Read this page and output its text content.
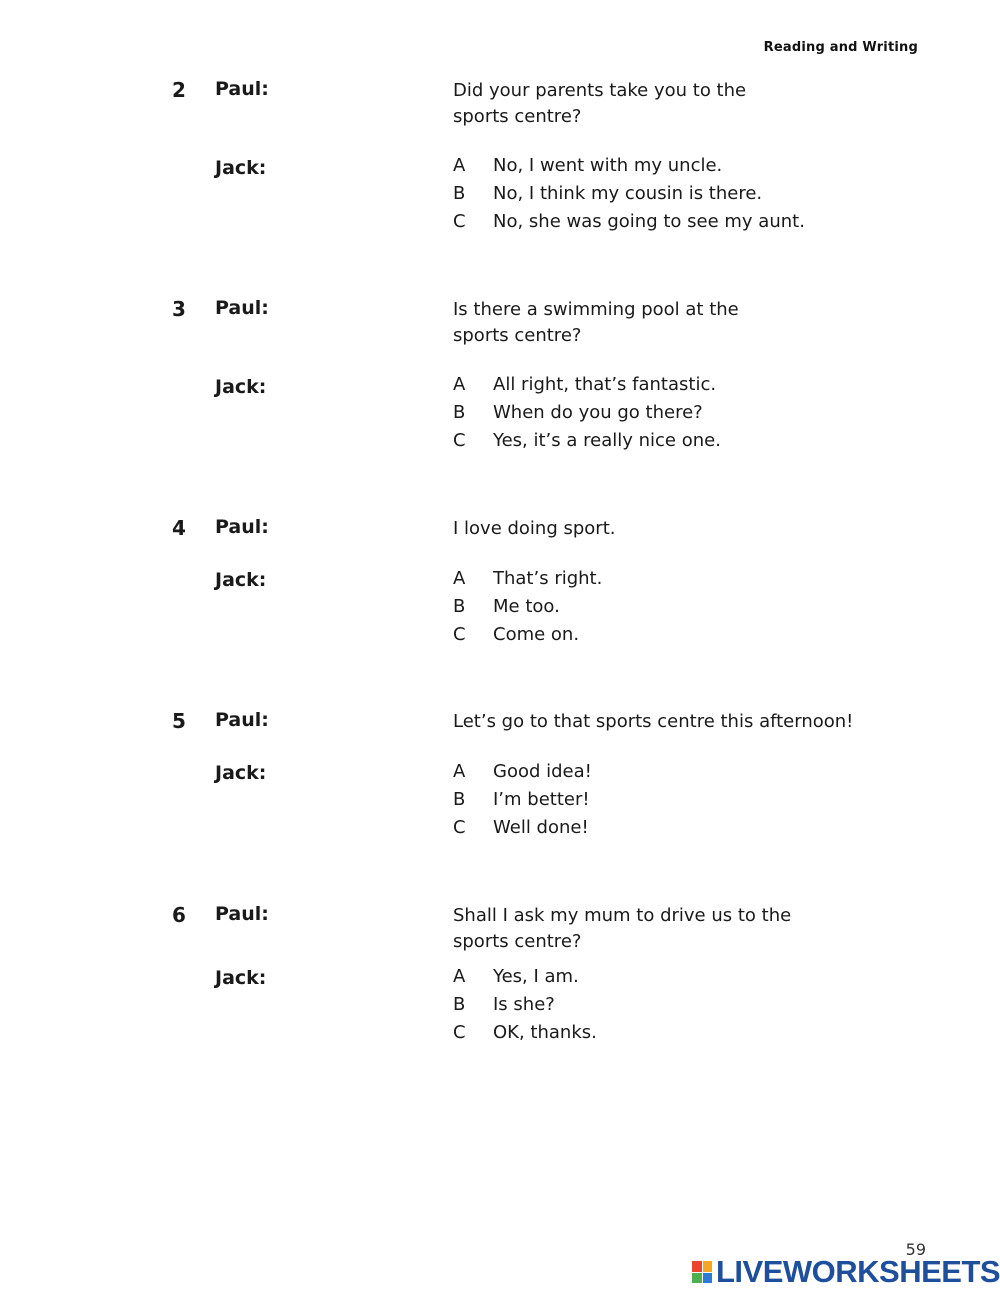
Reading and Writing
2 Paul:	Did your parents take you to the
sports centre?
Jack:	A	No, I went with my uncle.
B	No, I think my cousin is there.
C	No, she was going to see my aunt.
3 Paul:	Is there a swimming pool at the
sports centre?
Jack:	A	All right, that’s fantastic.
B	When do you go there?
C	Yes, it’s a really nice one.
4 Paul:	I love doing sport.
Jack:	A	That’s right.
B	Me too.
C	Come on.
5 Paul:	Let’s go to that sports centre this afternoon!
Jack:	A	Good idea!
B	I’m better!
C	Well done!
6 Paul:	Shall I ask my mum to drive us to the
sports centre?
Jack:	A	Yes, I am.
B	Is she?
C	OK, thanks.
59
LIVEWORKSHEETS
